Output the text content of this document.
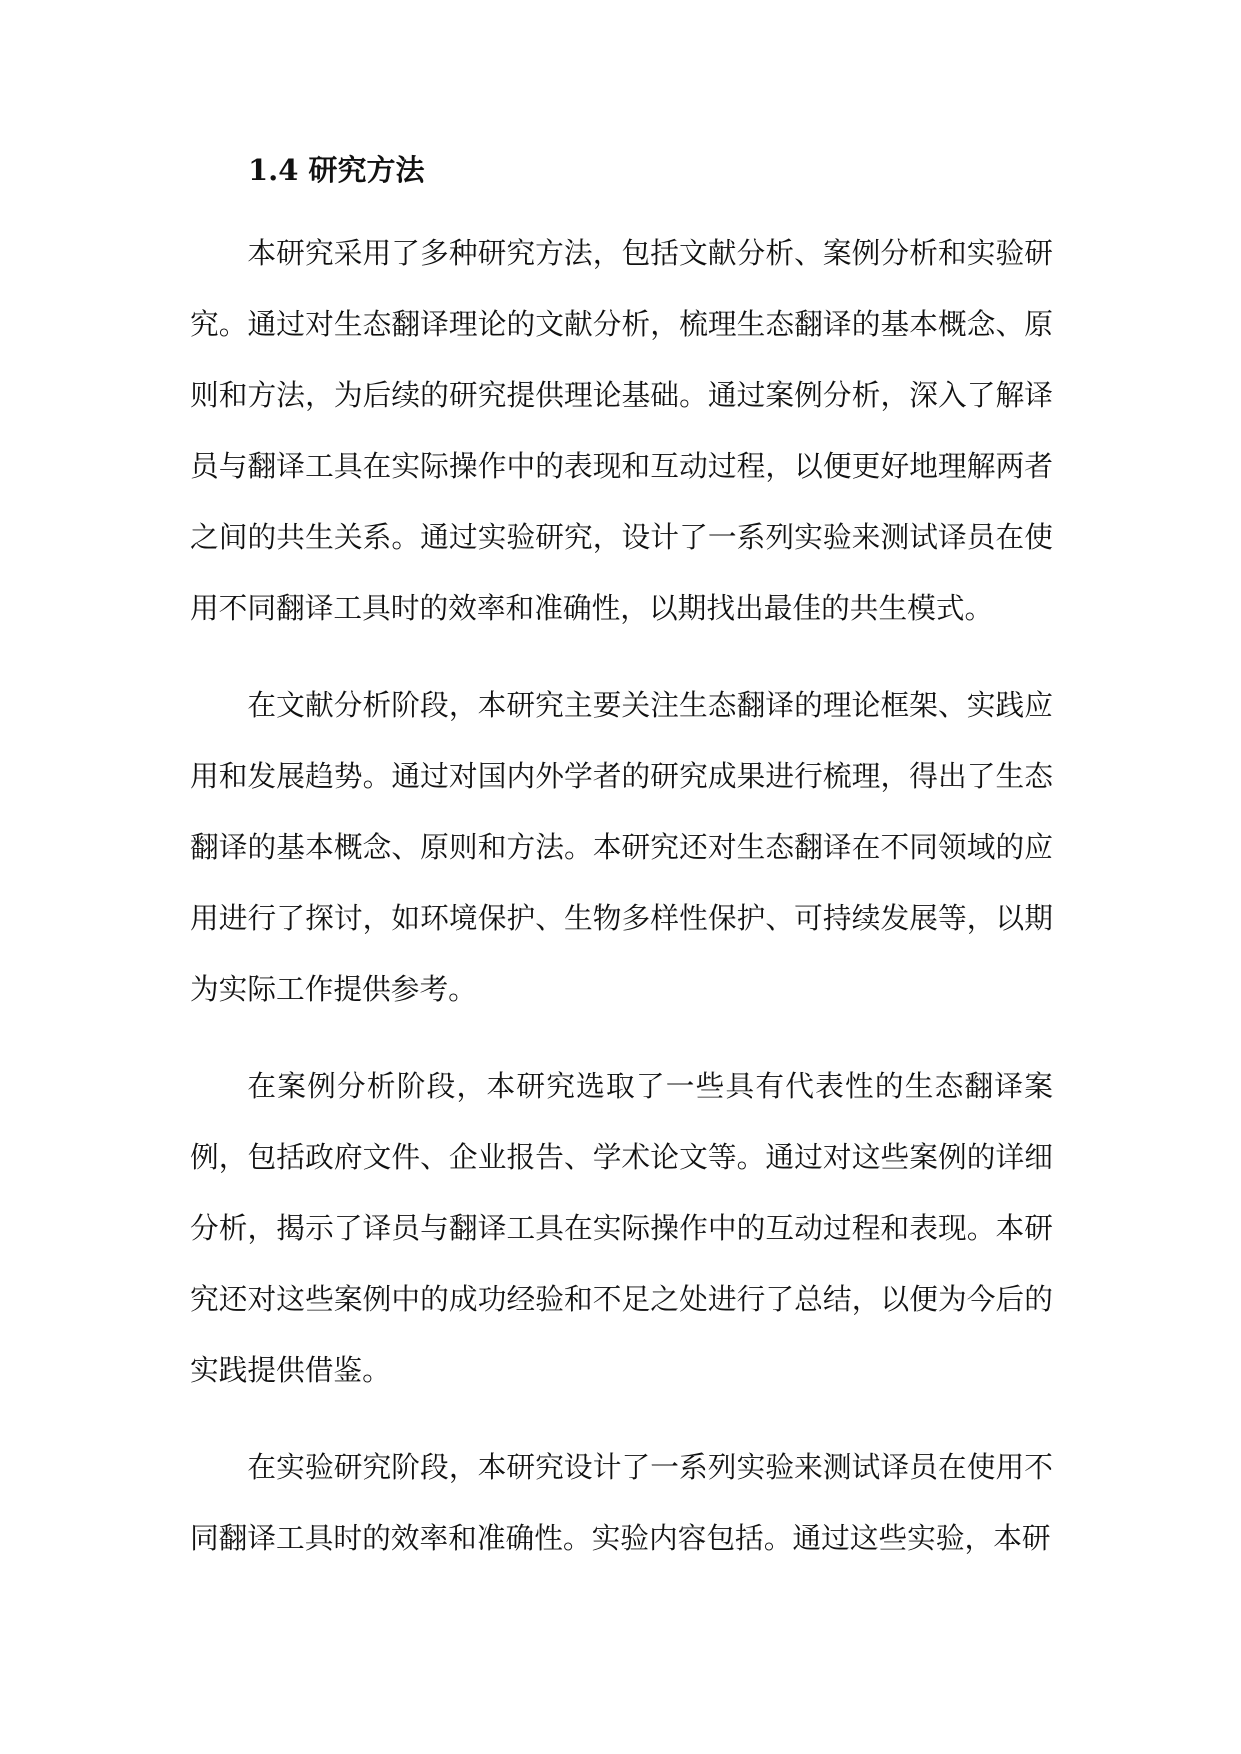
1.4 研究方法

本研究采用了多种研究方法，包括文献分析、案例分析和实验研究。通过对生态翻译理论的文献分析，梳理生态翻译的基本概念、原则和方法，为后续的研究提供理论基础。通过案例分析，深入了解译员与翻译工具在实际操作中的表现和互动过程，以便更好地理解两者之间的共生关系。通过实验研究，设计了一系列实验来测试译员在使用不同翻译工具时的效率和准确性，以期找出最佳的共生模式。

在文献分析阶段，本研究主要关注生态翻译的理论框架、实践应用和发展趋势。通过对国内外学者的研究成果进行梳理，得出了生态翻译的基本概念、原则和方法。本研究还对生态翻译在不同领域的应用进行了探讨，如环境保护、生物多样性保护、可持续发展等，以期为实际工作提供参考。

在案例分析阶段，本研究选取了一些具有代表性的生态翻译案例，包括政府文件、企业报告、学术论文等。通过对这些案例的详细分析，揭示了译员与翻译工具在实际操作中的互动过程和表现。本研究还对这些案例中的成功经验和不足之处进行了总结，以便为今后的实践提供借鉴。

在实验研究阶段，本研究设计了一系列实验来测试译员在使用不同翻译工具时的效率和准确性。实验内容包括。通过这些实验，本研
